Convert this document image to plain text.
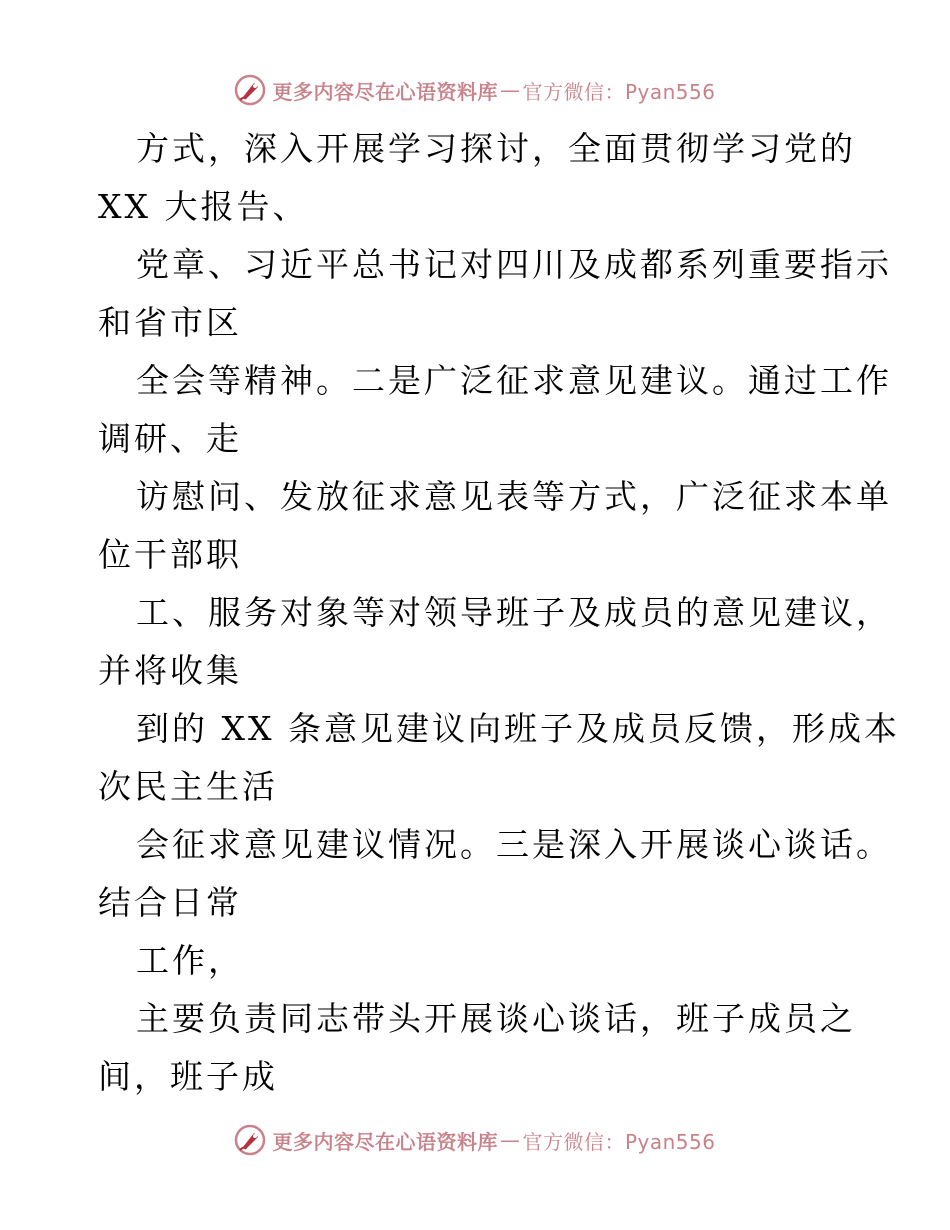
更多内容尽在心语资料库 — 官方微信：Pyan556
方式，深入开展学习探讨，全面贯彻学习党的
XX 大报告、
党章、习近平总书记对四川及成都系列重要指示
和省市区
全会等精神。二是广泛征求意见建议。通过工作
调研、走
访慰问、发放征求意见表等方式，广泛征求本单
位干部职
工、服务对象等对领导班子及成员的意见建议，
并将收集
到的 XX 条意见建议向班子及成员反馈，形成本
次民主生活
会征求意见建议情况。三是深入开展谈心谈话。
结合日常
工作，
主要负责同志带头开展谈心谈话，班子成员之
间，班子成
更多内容尽在心语资料库 — 官方微信：Pyan556
